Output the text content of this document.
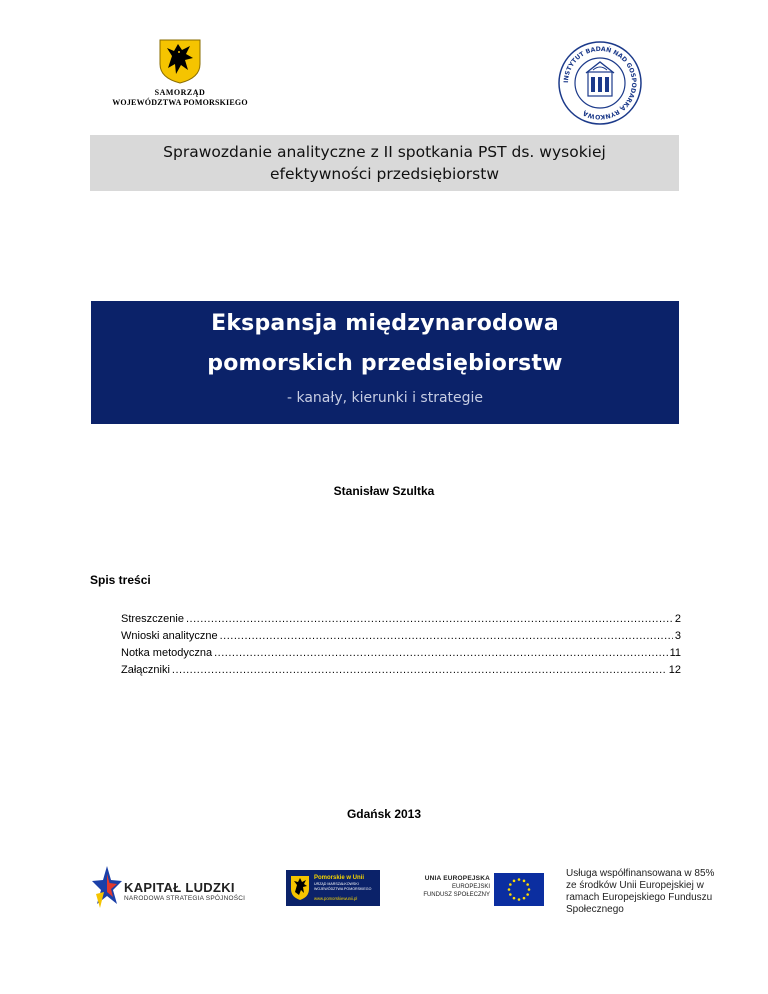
SAMORZĄD
WOJEWÓDZTWA POMORSKIEGO
INSTYTUT BADAŃ NAD GOSPODARKĄ RYNKOWĄ
Sprawozdanie analityczne z II spotkania PST ds. wysokiej
efektywności przedsiębiorstw
Ekspansja międzynarodowa
pomorskich przedsiębiorstw
- kanały, kierunki i strategie
Stanisław Szultka
Spis treści
Streszczenie .....	2
Wnioski analityczne .....	3
Notka metodyczna .....	11
Załączniki .....	12
Gdańsk 2013
KAPITAŁ LUDZKI
NARODOWA STRATEGIA SPÓJNOŚCI
Pomorskie w Unii
URZĄD MARSZAŁKOWSKI WOJEWÓDZTWA POMORSKIEGO
www.pomorskiewunii.pl
UNIA EUROPEJSKA
EUROPEJSKI
FUNDUSZ SPOŁECZNY
Usługa współfinansowana w 85%
ze środków Unii Europejskiej w
ramach Europejskiego Funduszu
Społecznego
